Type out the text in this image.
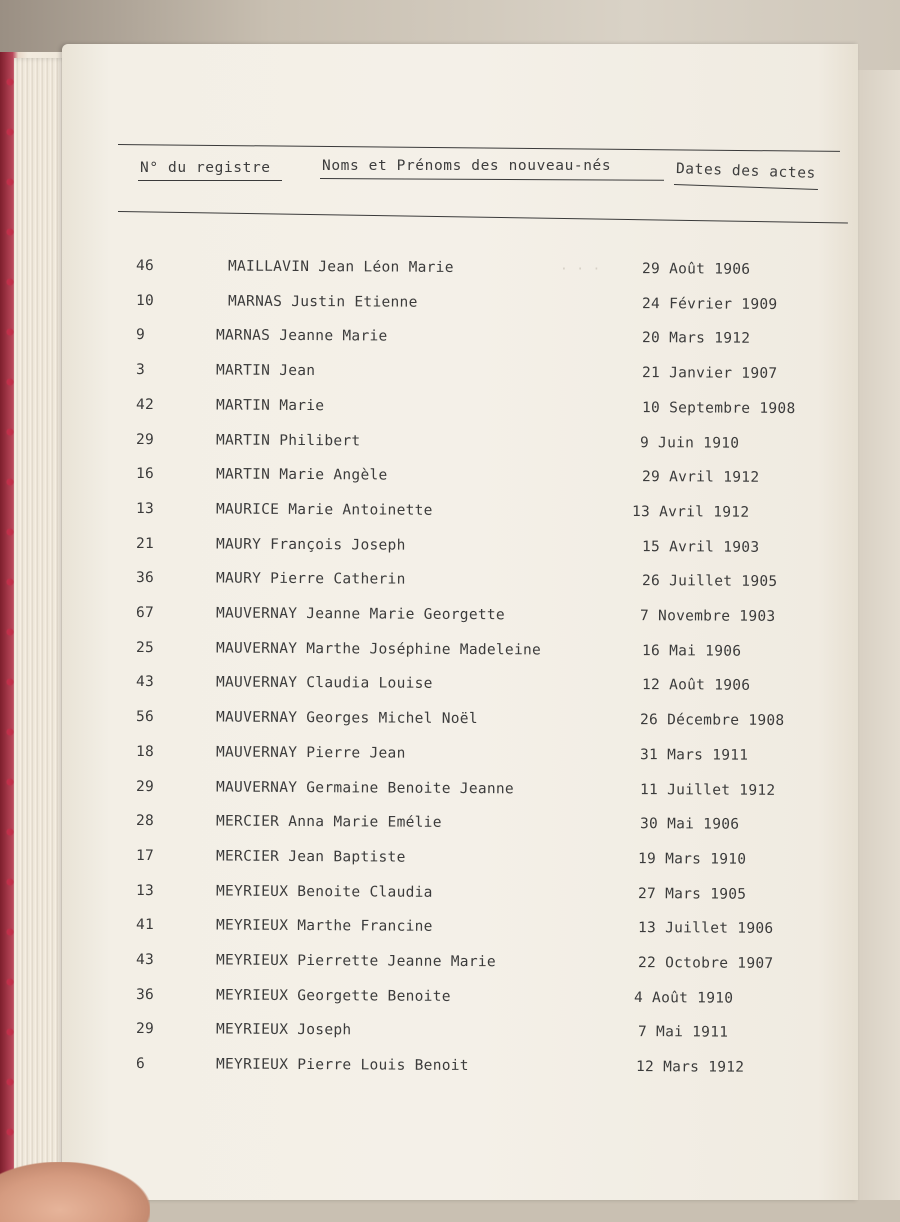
N° du registre	Noms et Prénoms des nouveau-nés	Dates des actes
· · ·
46	MAILLAVIN Jean Léon Marie	29 Août 1906
10	MARNAS Justin Etienne	24 Février 1909
9	MARNAS Jeanne Marie	20 Mars 1912
3	MARTIN Jean	21 Janvier 1907
42	MARTIN Marie	10 Septembre 1908
29	MARTIN Philibert	9 Juin 1910
16	MARTIN Marie Angèle	29 Avril 1912
13	MAURICE Marie Antoinette	13 Avril 1912
21	MAURY François Joseph	15 Avril 1903
36	MAURY Pierre Catherin	26 Juillet 1905
67	MAUVERNAY Jeanne Marie Georgette	7 Novembre 1903
25	MAUVERNAY Marthe Joséphine Madeleine	16 Mai 1906
43	MAUVERNAY Claudia Louise	12 Août 1906
56	MAUVERNAY Georges Michel Noël	26 Décembre 1908
18	MAUVERNAY Pierre Jean	31 Mars 1911
29	MAUVERNAY Germaine Benoite Jeanne	11 Juillet 1912
28	MERCIER Anna Marie Emélie	30 Mai 1906
17	MERCIER Jean Baptiste	19 Mars 1910
13	MEYRIEUX Benoite Claudia	27 Mars 1905
41	MEYRIEUX Marthe Francine	13 Juillet 1906
43	MEYRIEUX Pierrette Jeanne Marie	22 Octobre 1907
36	MEYRIEUX Georgette Benoite	4 Août 1910
29	MEYRIEUX Joseph	7 Mai 1911
6	MEYRIEUX Pierre Louis Benoit	12 Mars 1912
